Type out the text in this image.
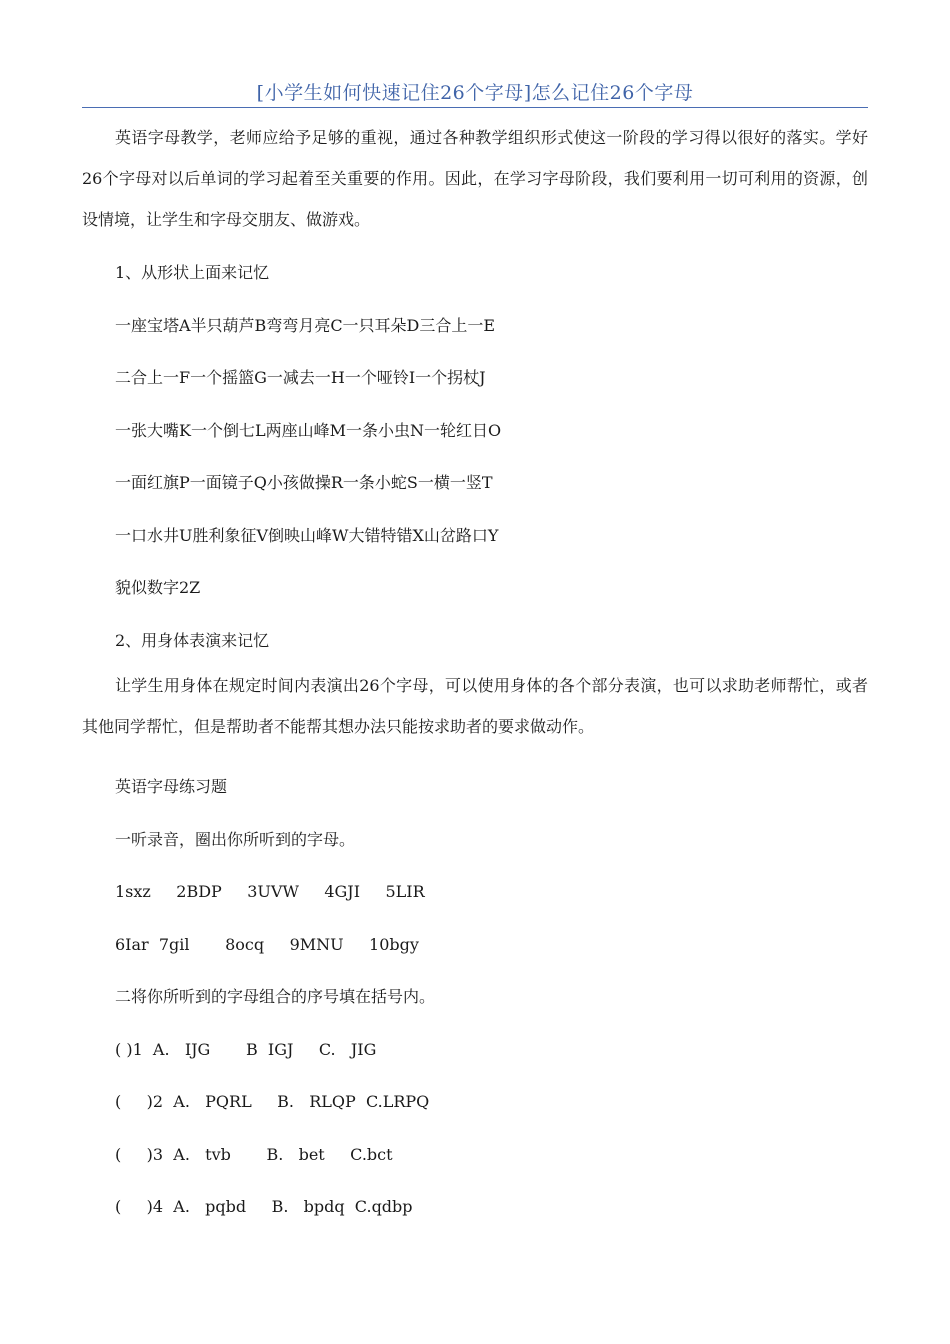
[小学生如何快速记住26个字母]怎么记住26个字母

英语字母教学，老师应给予足够的重视，通过各种教学组织形式使这一阶段的学习得以很好的落实。学好26个字母对以后单词的学习起着至关重要的作用。因此，在学习字母阶段，我们要利用一切可利用的资源，创设情境，让学生和字母交朋友、做游戏。

1、从形状上面来记忆

一座宝塔A半只葫芦B弯弯月亮C一只耳朵D三合上一E

二合上一F一个摇篮G一减去一H一个哑铃I一个拐杖J

一张大嘴K一个倒七L两座山峰M一条小虫N一轮红日O

一面红旗P一面镜子Q小孩做操R一条小蛇S一横一竖T

一口水井U胜利象征V倒映山峰W大错特错X山岔路口Y

貌似数字2Z

2、用身体表演来记忆

让学生用身体在规定时间内表演出26个字母，可以使用身体的各个部分表演，也可以求助老师帮忙，或者其他同学帮忙，但是帮助者不能帮其想办法只能按求助者的要求做动作。

英语字母练习题

一听录音，圈出你所听到的字母。

1sxz     2BDP     3UVW     4GJI     5LIR

6Iar  7gil       8ocq     9MNU     10bgy

二将你所听到的字母组合的序号填在括号内。

( )1  A.   IJG       B  IGJ     C.   JIG

(     )2  A.   PQRL     B.   RLQP  C.LRPQ

(     )3  A.   tvb       B.   bet     C.bct

(     )4  A.   pqbd     B.   bpdq  C.qdbp
